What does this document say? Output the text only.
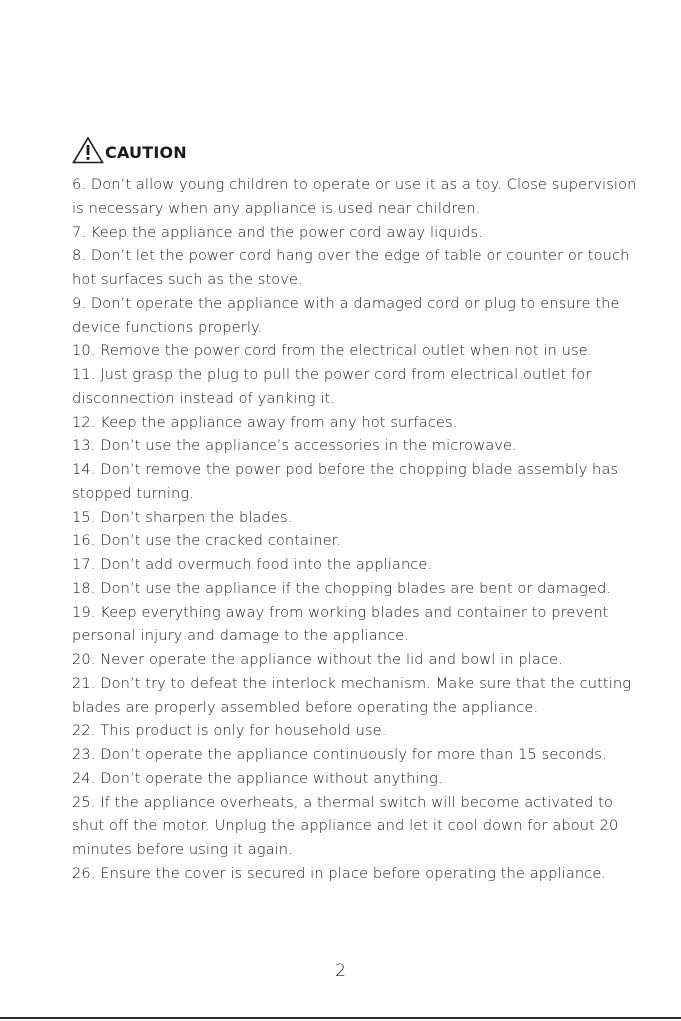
CAUTION
6. Don’t allow young children to operate or use it as a toy. Close supervision is necessary when any appliance is used near children.
7. Keep the appliance and the power cord away liquids.
8. Don’t let the power cord hang over the edge of table or counter or touch hot surfaces such as the stove.
9. Don’t operate the appliance with a damaged cord or plug to ensure the device functions properly.
10. Remove the power cord from the electrical outlet when not in use.
11. Just grasp the plug to pull the power cord from electrical outlet for disconnection instead of yanking it.
12. Keep the appliance away from any hot surfaces.
13. Don’t use the appliance’s accessories in the microwave.
14. Don’t remove the power pod before the chopping blade assembly has stopped turning.
15. Don’t sharpen the blades.
16. Don’t use the cracked container.
17. Don’t add overmuch food into the appliance.
18. Don’t use the appliance if the chopping blades are bent or damaged.
19. Keep everything away from working blades and container to prevent personal injury and damage to the appliance.
20. Never operate the appliance without the lid and bowl in place.
21. Don’t try to defeat the interlock mechanism. Make sure that the cutting blades are properly assembled before operating the appliance.
22. This product is only for household use.
23. Don’t operate the appliance continuously for more than 15 seconds.
24. Don’t operate the appliance without anything.
25. If the appliance overheats, a thermal switch will become activated to shut off the motor. Unplug the appliance and let it cool down for about 20 minutes before using it again.
26. Ensure the cover is secured in place before operating the appliance.
2
